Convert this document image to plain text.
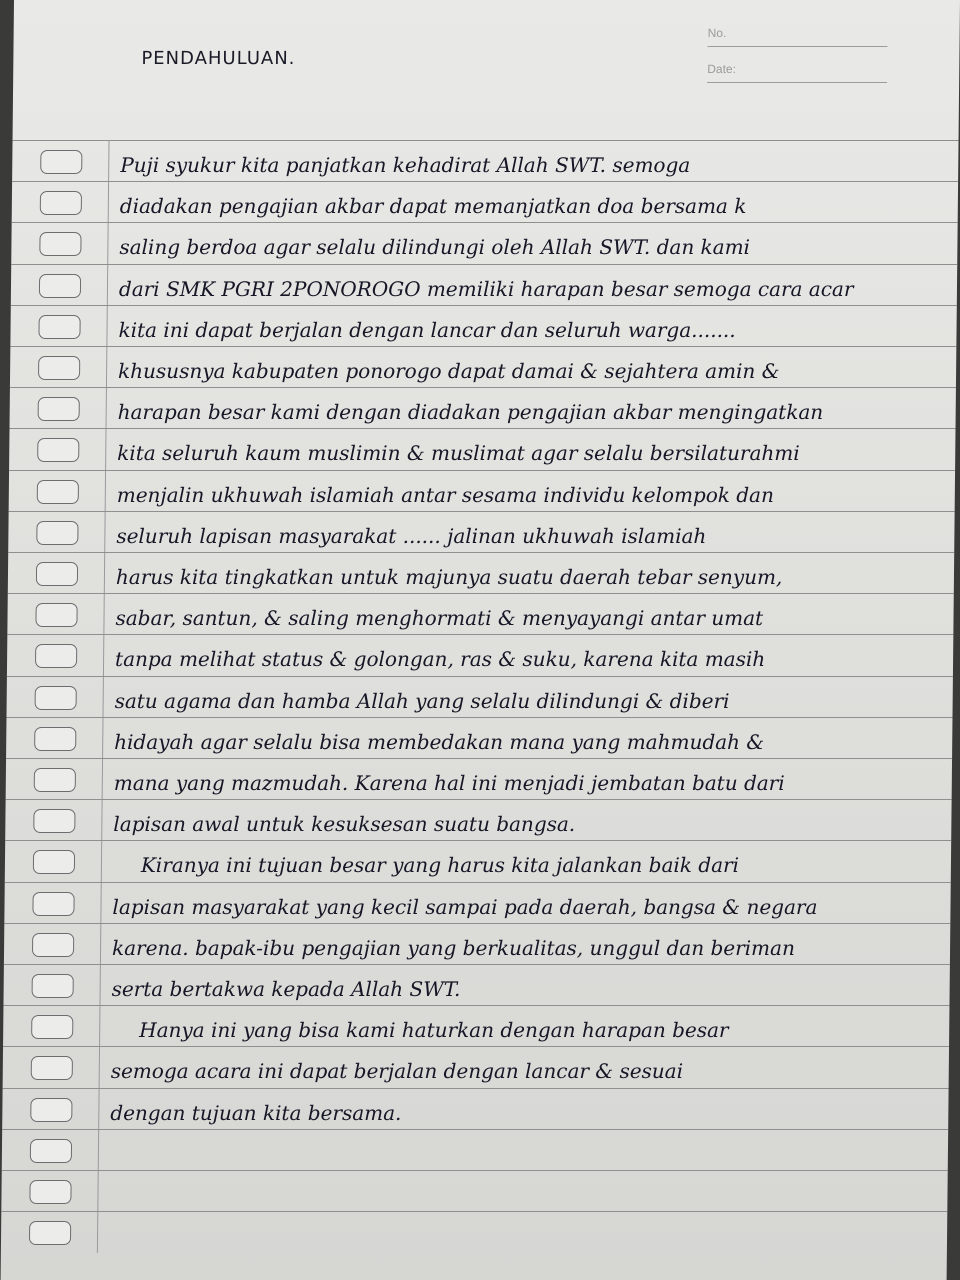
PENDAHULUAN.
No.
Date:
Puji syukur kita panjatkan kehadirat Allah SWT. semoga
diadakan pengajian akbar dapat memanjatkan doa bersama k
saling berdoa agar selalu dilindungi oleh Allah SWT. dan kami
dari SMK PGRI 2PONOROGO memiliki harapan besar semoga cara acar
kita ini dapat berjalan dengan lancar dan seluruh warga.......
khususnya kabupaten ponorogo dapat damai & sejahtera amin &
harapan besar kami dengan diadakan pengajian akbar mengingatkan
kita seluruh kaum muslimin & muslimat agar selalu bersilaturahmi
menjalin ukhuwah islamiah antar sesama individu kelompok dan
seluruh lapisan masyarakat ...... jalinan ukhuwah islamiah
harus kita tingkatkan untuk majunya suatu daerah tebar senyum,
sabar, santun, & saling menghormati & menyayangi antar umat
tanpa melihat status & golongan, ras & suku, karena kita masih
satu agama dan hamba Allah yang selalu dilindungi & diberi
hidayah agar selalu bisa membedakan mana yang mahmudah &
mana yang mazmudah. Karena hal ini menjadi jembatan batu dari
lapisan awal untuk kesuksesan suatu bangsa.
Kiranya ini tujuan besar yang harus kita jalankan baik dari
lapisan masyarakat yang kecil sampai pada daerah, bangsa & negara
karena. bapak-ibu pengajian yang berkualitas, unggul dan beriman
serta bertakwa kepada Allah SWT.
Hanya ini yang bisa kami haturkan dengan harapan besar
semoga acara ini dapat berjalan dengan lancar & sesuai
dengan tujuan kita bersama.
